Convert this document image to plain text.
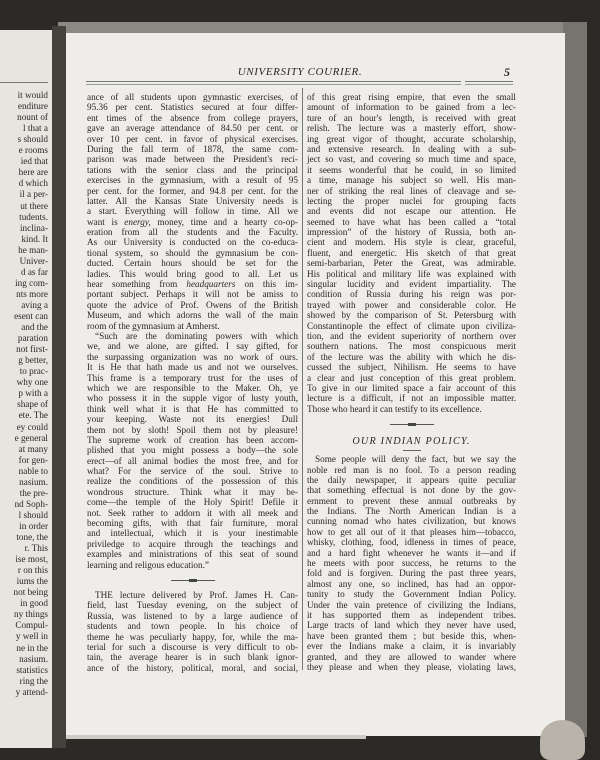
it would
enditure
nount of
l that a
s should
e rooms
ied that
here are
d which
il a per-
ut there
tudents.
inclina-
kind. It
he man-
Univer-
d as far
ing com-
nts more
aving a
esent can
and the
paration
not first-
g better,
to prac-
why one
p with a
shape of
ete. The
ey could
e general
at many
for gen-
nable to
nasium.
the pre-
nd Soph-
l should
in order
tone, the
r. This
ise most,
r on this
iums the
not being
in good
ny things
Compul-
y well in
ne in the
nasium.
statistics
ring the
y attend-
UNIVERSITY COURIER.	5
ance of all students upon gymnastic exercises, of
95.36 per cent. Statistics secured at four differ-
ent times of the absence from college prayers,
gave an average attendance of 84.50 per cent. or
over 10 per cent. in favor of physical exercises.
During the fall term of 1878, the same com-
parison was made between the President's reci-
tations with the senior class and the principal
exercises in the gymnasium, with a result of 95
per cent. for the former, and 94.8 per cent. for the
latter. All the Kansas State University needs is
a start. Everything will follow in time. All we
want is energy, money, time and a hearty co-op-
eration from all the students and the Faculty.
As our University is conducted on the co-educa-
tional system, so should the gymnasium be con-
ducted. Certain hours should be set for the
ladies. This would bring good to all. Let us
hear something from headquarters on this im-
portant subject. Perhaps it will not be amiss to
quote the advice of Prof. Owens of the British
Museum, and which adorns the wall of the main
room of the gymnasium at Amherst.
“Such are the dominating powers with which
we, and we alone, are gifted. I say gifted, for
the surpassing organization was no work of ours.
It is He that hath made us and not we ourselves.
This frame is a temporary trust for the uses of
which we are responsible to the Maker. Oh, ye
who possess it in the supple vigor of lusty youth,
think well what it is that He has committed to
your keeping. Waste not its energies! Dull
them not by sloth! Spoil them not by pleasure!
The supreme work of creation has been accom-
plished that you might possess a body—the sole
erect—of all animal bodies the most free, and for
what? For the service of the soul. Strive to
realize the conditions of the possession of this
wondrous structure. Think what it may be-
come—the temple of the Holy Spirit! Defile it
not. Seek rather to addorn it with all meek and
becoming gifts, with that fair furniture, moral
and intellectual, which it is your inestimable
priviledge to acquire through the teachings and
examples and ministrations of this seat of sound
learning and religous education.”
THE lecture delivered by Prof. James H. Can-
field, last Tuesday evening, on the subject of
Russia, was listened to by a large audience of
students and town people. In his choice of
theme he was peculiarly happy, for, while the ma-
terial for such a discourse is very difficult to ob-
tain, the average hearer is in such blank ignor-
ance of the history, political, moral, and social,
of this great rising empire, that even the small
amount of information to be gained from a lec-
ture of an hour's length, is received with great
relish. The lecture was a masterly effort, show-
ing great vigor of thought, accurate scholarship,
and extensive research. In dealing with a sub-
ject so vast, and covering so much time and space,
it seems wonderful that he could, in so limited
a time, manage his subject so well. His man-
ner of striking the real lines of cleavage and se-
lecting the proper nuclei for grouping facts
and events did not escape our attention. He
seemed to have what has been called a “total
impression” of the history of Russia, both an-
cient and modern. His style is clear, graceful,
fluent, and energetic. His sketch of that great
semi-barbarian, Peter the Great, was admirable.
His political and military life was explained with
singular lucidity and evident impartiality. The
condition of Russia during his reign was por-
trayed with power and considerable color. He
showed by the comparison of St. Petersburg with
Constantinople the effect of climate upon civiliza-
tion, and the evident superiority of northern over
southern nations. The most conspicuous merit
of the lecture was the ability with which he dis-
cussed the subject, Nihilism. He seems to have
a clear and just conception of this great problem.
To give in our limited space a fair account of this
lecture is a difficult, if not an impossible matter.
Those who heard it can testify to its excellence.
OUR INDIAN POLICY.
Some people will deny the fact, but we say the
noble red man is no fool. To a person reading
the daily newspaper, it appears quite peculiar
that something effectual is not done by the gov-
ernment to prevent these annual outbreaks by
the Indians. The North American Indian is a
cunning nomad who hates civilization, but knows
how to get all out of it that pleases him—tobacco,
whisky, clothing, food, idleness in times of peace,
and a hard fight whenever he wants it—and if
he meets with poor success, he returns to the
fold and is forgiven. During the past three years,
almost any one, so inclined, has had an oppor-
tunity to study the Government Indian Policy.
Under the vain pretence of civilizing the Indians,
it has supported them as independent tribes.
Large tracts of land which they never have used,
have been granted them ; but beside this, when-
ever the Indians make a claim, it is invariably
granted, and they are allowed to wander where
they please and when they please, violating laws,
